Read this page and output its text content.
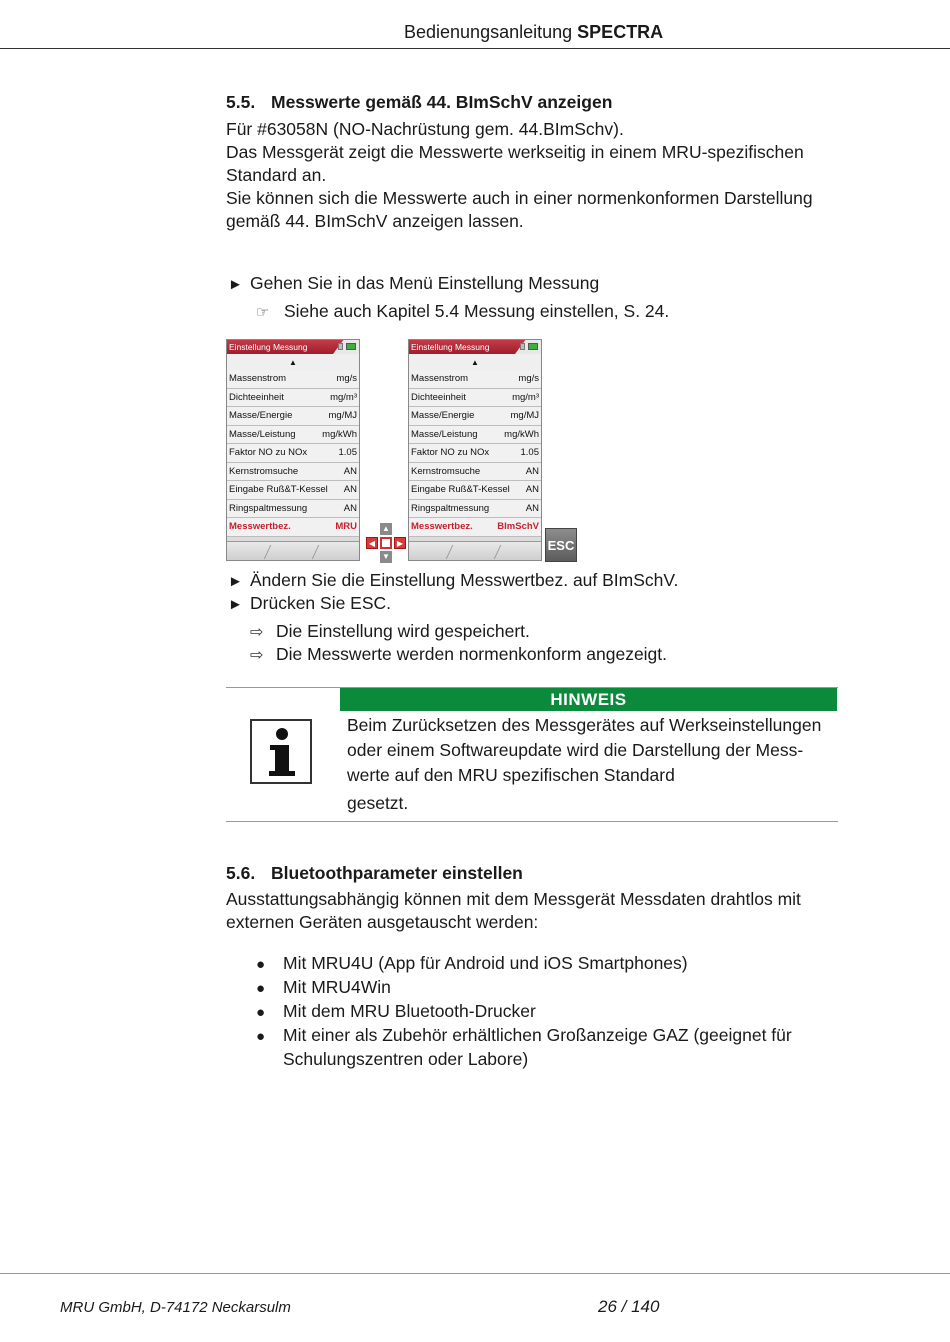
Bedienungsanleitung SPECTRA
5.5. Messwerte gemäß 44. BImSchV anzeigen
Für #63058N (NO-Nachrüstung gem. 44.BImSchv).
Das Messgerät zeigt die Messwerte werkseitig in einem MRU-spezifischen
Standard an.
Sie können sich die Messwerte auch in einer normenkonformen Darstellung
gemäß 44. BImSchV anzeigen lassen.
► Gehen Sie in das Menü Einstellung Messung
☞ Siehe auch Kapitel 5.4 Messung einstellen, S. 24.
Einstellung Messung
▲
Massenstrom	mg/s
Dichteeinheit	mg/m³
Masse/Energie	mg/MJ
Masse/Leistung	mg/kWh
Faktor NO zu NOx	1.05
Kernstromsuche	AN
Eingabe Ruß&T-Kessel AN
Ringspaltmessung	AN
Messwertbez.	MRU	▲
◀	▶
▼
Einstellung Messung
▲
Massenstrom	mg/s
Dichteeinheit	mg/m³
Masse/Energie	mg/MJ
Masse/Leistung	mg/kWh
Faktor NO zu NOx	1.05
Kernstromsuche	AN
Eingabe Ruß&T-Kessel AN
Ringspaltmessung	AN
Messwertbez.	BImSchV
ESC
► Ändern Sie die Einstellung Messwertbez. auf BImSchV.
► Drücken Sie ESC.
⇨ Die Einstellung wird gespeichert.
⇨ Die Messwerte werden normenkonform angezeigt.
HINWEIS
Beim Zurücksetzen des Messgerätes auf Werkseinstellungen
oder einem Softwareupdate wird die Darstellung der Mess-
werte auf den MRU spezifischen Standard
gesetzt.
5.6. Bluetoothparameter einstellen
Ausstattungsabhängig können mit dem Messgerät Messdaten drahtlos mit
externen Geräten ausgetauscht werden:
● Mit MRU4U (App für Android und iOS Smartphones)
● Mit MRU4Win
● Mit dem MRU Bluetooth-Drucker
● Mit einer als Zubehör erhältlichen Großanzeige GAZ (geeignet für
Schulungszentren oder Labore)
MRU GmbH, D-74172 Neckarsulm	26 / 140
